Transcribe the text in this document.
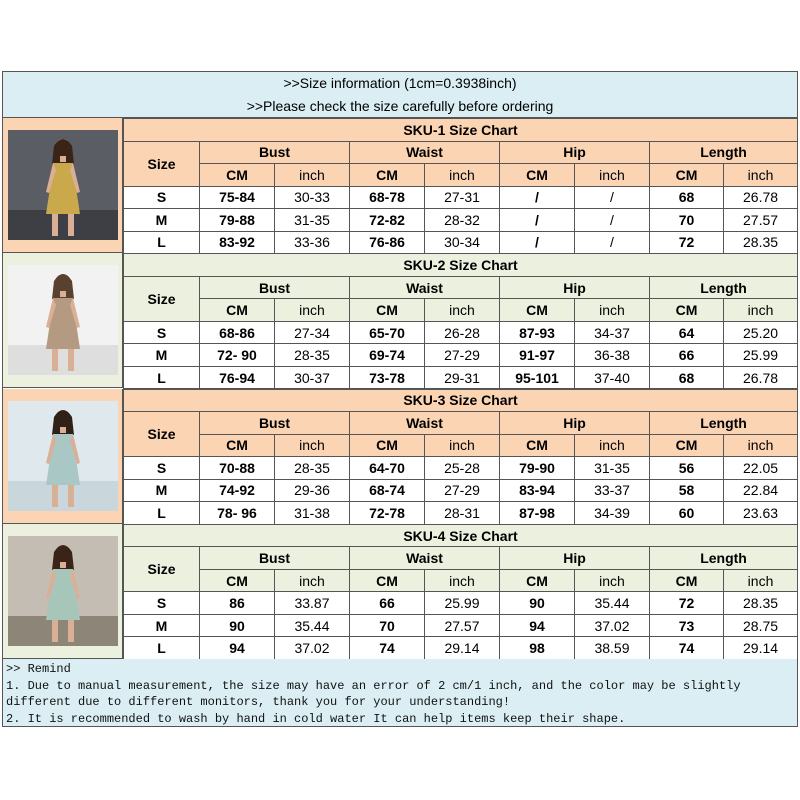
>>Size information (1cm=0.3938inch)
>>Please check the size carefully before ordering
SKU-1 Size Chart								
Size	Bust		Waist		Hip		Length	
	CM	inch	CM	inch	CM	inch	CM	inch
S	75-84	30-33	68-78	27-31	/	/	68	26.78
M	79-88	31-35	72-82	28-32	/	/	70	27.57
L	83-92	33-36	76-86	30-34	/	/	72	28.35
SKU-2 Size Chart								
Size	Bust		Waist		Hip		Length	
	CM	inch	CM	inch	CM	inch	CM	inch
S	68-86	27-34	65-70	26-28	87-93	34-37	64	25.20
M	72- 90	28-35	69-74	27-29	91-97	36-38	66	25.99
L	76-94	30-37	73-78	29-31	95-101	37-40	68	26.78
SKU-3 Size Chart								
Size	Bust		Waist		Hip		Length	
	CM	inch	CM	inch	CM	inch	CM	inch
S	70-88	28-35	64-70	25-28	79-90	31-35	56	22.05
M	74-92	29-36	68-74	27-29	83-94	33-37	58	22.84
L	78- 96	31-38	72-78	28-31	87-98	34-39	60	23.63
SKU-4 Size Chart								
Size	Bust		Waist		Hip		Length	
	CM	inch	CM	inch	CM	inch	CM	inch
S	86	33.87	66	25.99	90	35.44	72	28.35
M	90	35.44	70	27.57	94	37.02	73	28.75
L	94	37.02	74	29.14	98	38.59	74	29.14

>> Remind

1. Due to manual measurement, the size may have an error of 2 cm/1 inch, and the color may be slightly

different due to different monitors, thank you for your understanding!

2. It is recommended to wash by hand in cold water It can help items keep their shape.
